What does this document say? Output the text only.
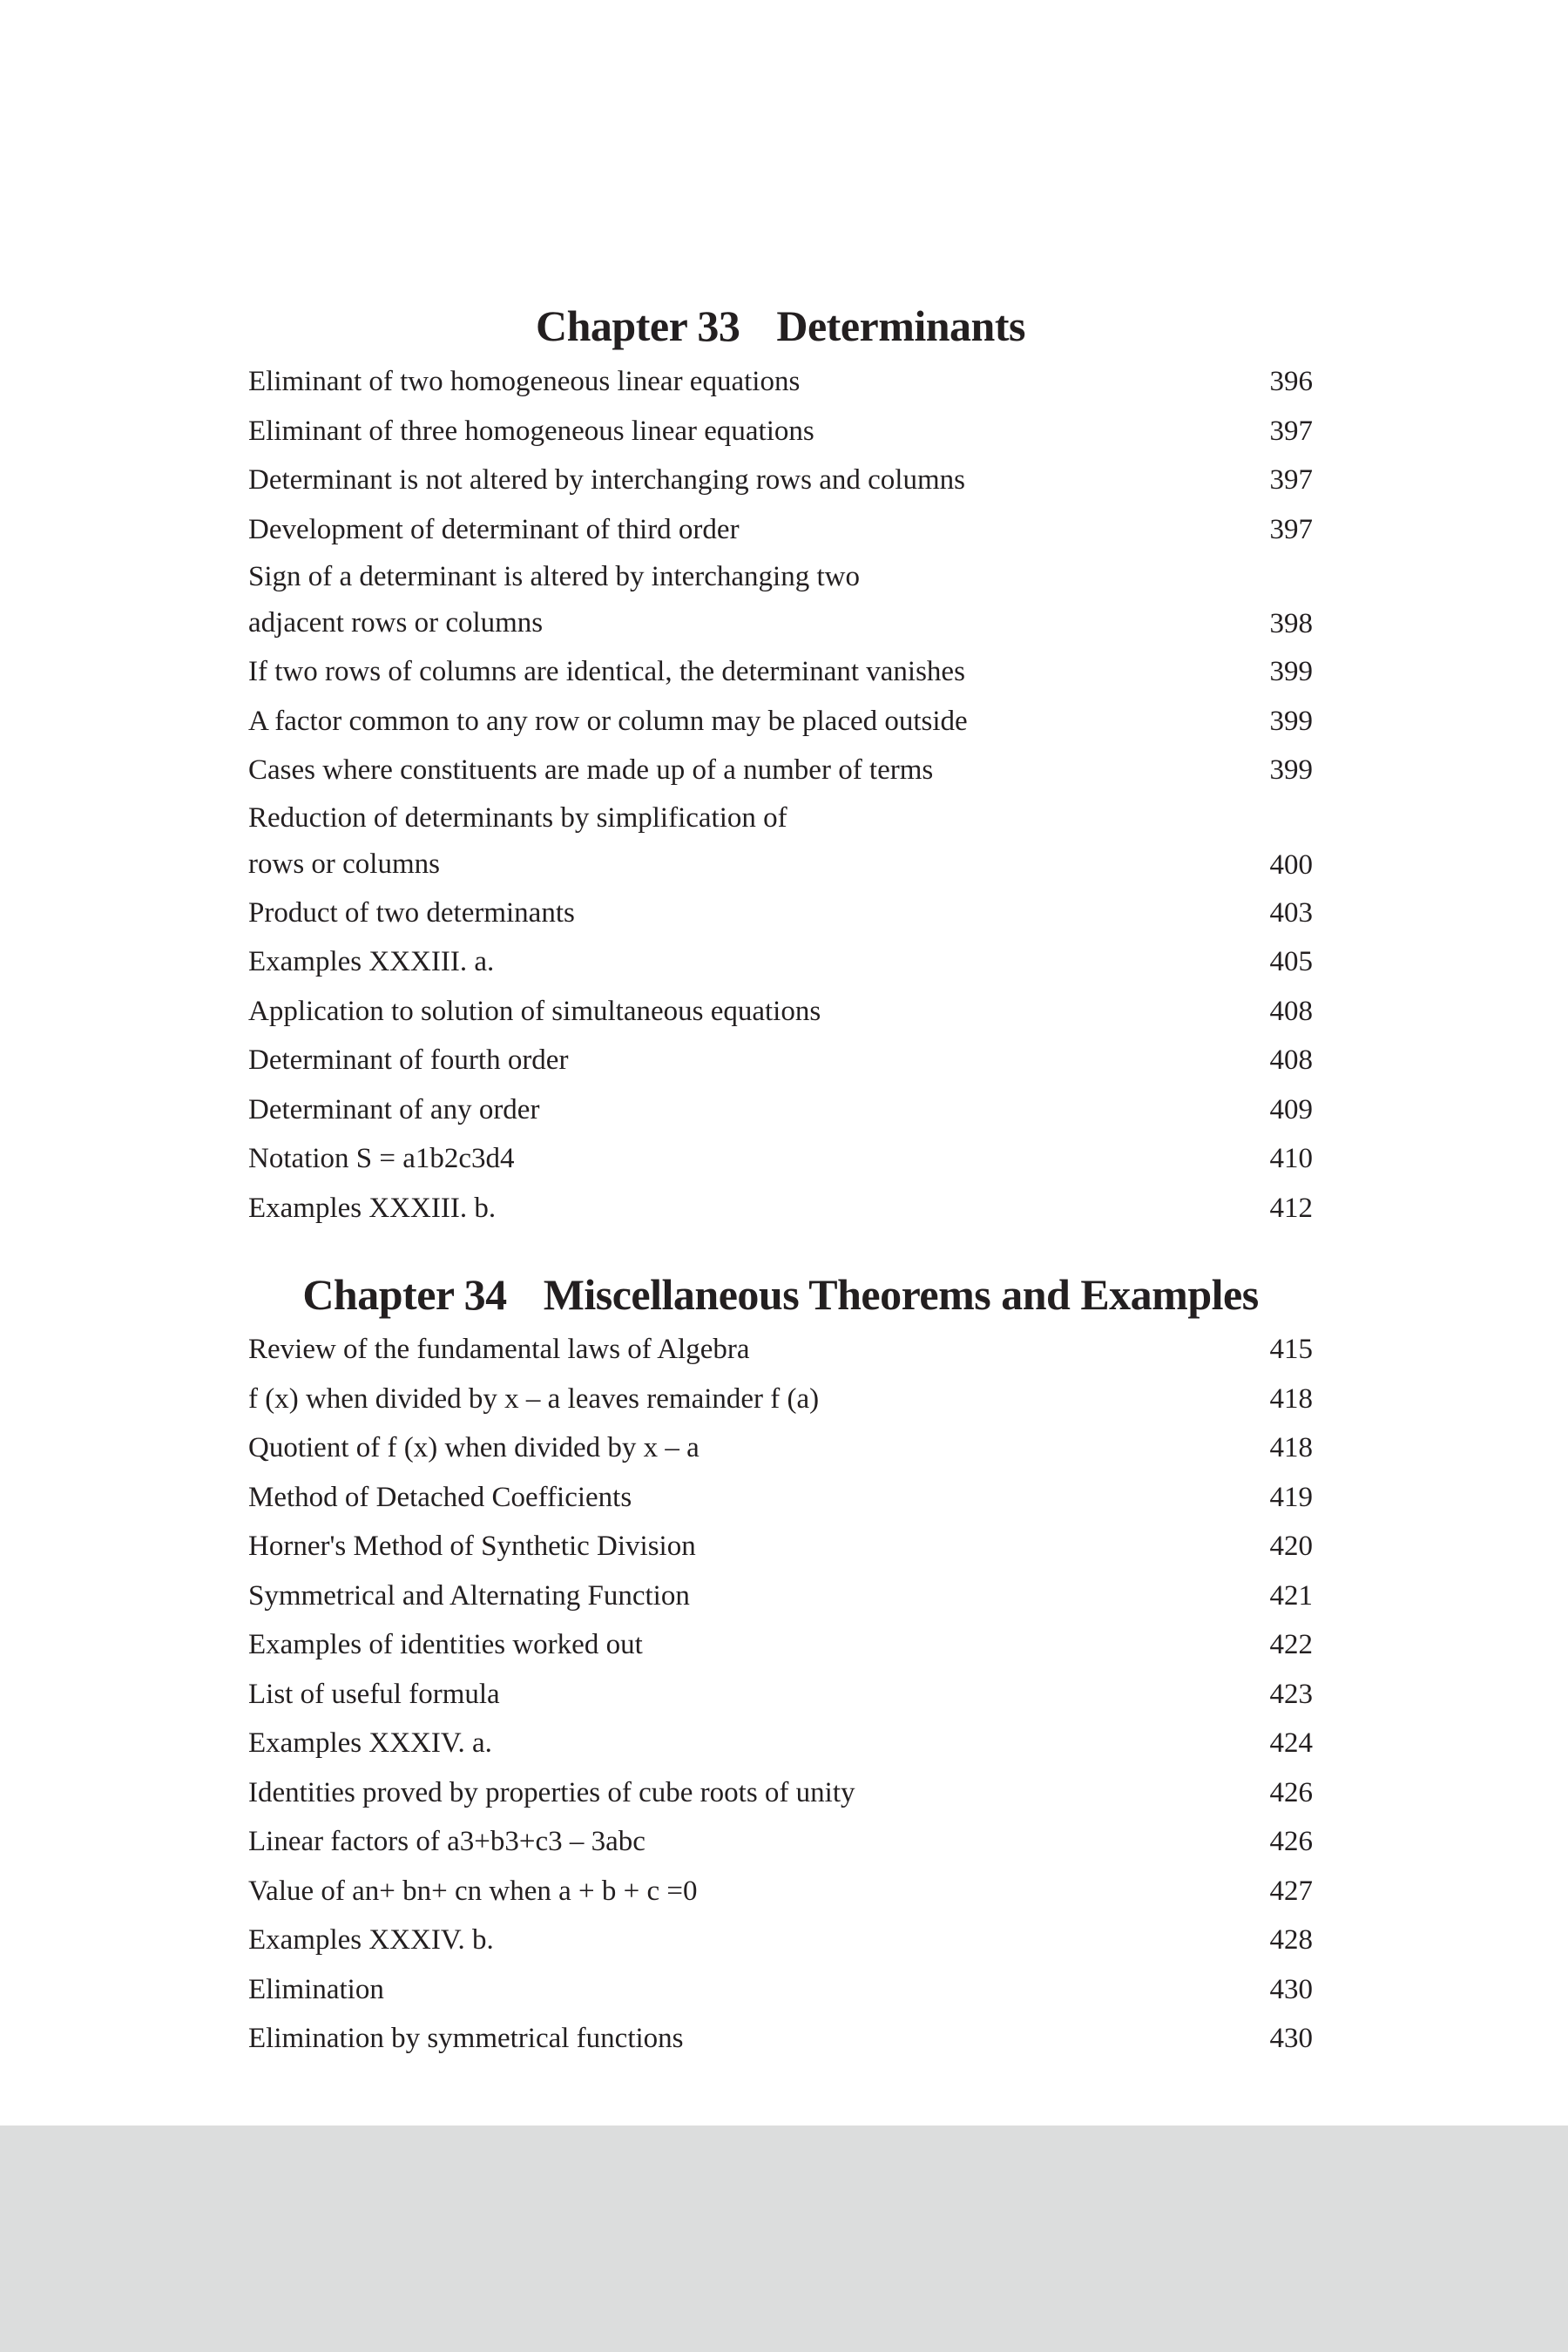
Chapter 33 Determinants
Eliminant of two homogeneous linear equations	396
Eliminant of three homogeneous linear equations	397
Determinant is not altered by interchanging rows and columns	397
Development of determinant of third order	397
Sign of a determinant is altered by interchanging two
adjacent rows or columns	398
If two rows of columns are identical, the determinant vanishes	399
A factor common to any row or column may be placed outside	399
Cases where constituents are made up of a number of terms	399
Reduction of determinants by simplification of
rows or columns	400
Product of two determinants	403
Examples XXXIII. a.	405
Application to solution of simultaneous equations	408
Determinant of fourth order	408
Determinant of any order	409
Notation S = a1b2c3d4	410
Examples XXXIII. b.	412
Chapter 34 Miscellaneous Theorems and Examples
Review of the fundamental laws of Algebra	415
f (x) when divided by x – a leaves remainder f (a)	418
Quotient of f (x) when divided by x – a	418
Method of Detached Coefficients	419
Horner's Method of Synthetic Division	420
Symmetrical and Alternating Function	421
Examples of identities worked out	422
List of useful formula	423
Examples XXXIV. a.	424
Identities proved by properties of cube roots of unity	426
Linear factors of a3+b3+c3 – 3abc	426
Value of an+ bn+ cn when a + b + c =0	427
Examples XXXIV. b.	428
Elimination	430
Elimination by symmetrical functions	430
